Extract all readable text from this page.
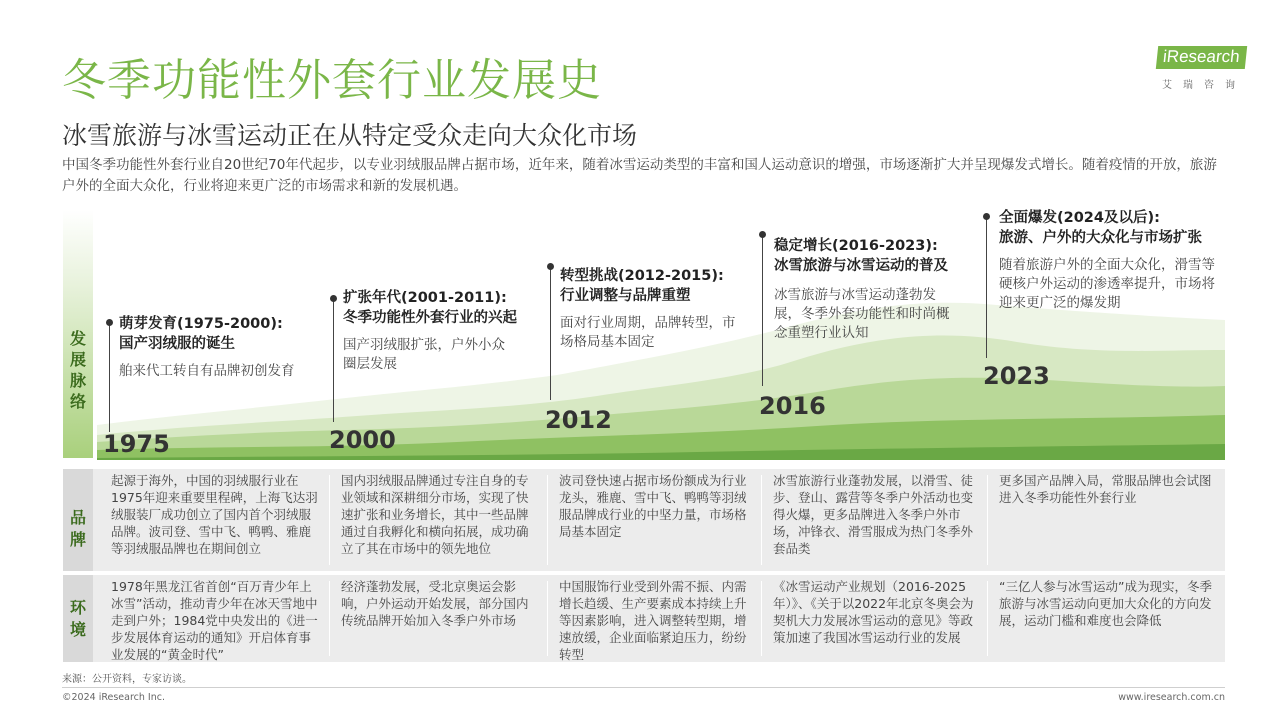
冬季功能性外套行业发展史	iResearch
艾瑞咨询
冰雪旅游与冰雪运动正在从特定受众走向大众化市场
中国冬季功能性外套行业自20世纪70年代起步，以专业羽绒服品牌占据市场，近年来，随着冰雪运动类型的丰富和国人运动意识的增强，市场逐渐扩大并呈现爆发式增长。随着疫情的开放，旅游户外的全面大众化，行业将迎来更广泛的市场需求和新的发展机遇。
发展脉络
萌芽发育(1975-2000):
国产羽绒服的诞生
舶来代工转自有品牌初创发育
1975
扩张年代(2001-2011):
冬季功能性外套行业的兴起
国产羽绒服扩张，户外小众圈层发展
2000
转型挑战(2012-2015):
行业调整与品牌重塑
面对行业周期，品牌转型，市场格局基本固定
2012
稳定增长(2016-2023):
冰雪旅游与冰雪运动的普及
冰雪旅游与冰雪运动蓬勃发展，冬季外套功能性和时尚概念重塑行业认知
2016
全面爆发(2024及以后):
旅游、户外的大众化与市场扩张
随着旅游户外的全面大众化，滑雪等硬核户外运动的渗透率提升，市场将迎来更广泛的爆发期
2023
品牌
起源于海外，中国的羽绒服行业在1975年迎来重要里程碑，上海飞达羽绒服装厂成功创立了国内首个羽绒服品牌。波司登、雪中飞、鸭鸭、雅鹿等羽绒服品牌也在期间创立
国内羽绒服品牌通过专注自身的专业领域和深耕细分市场，实现了快速扩张和业务增长，其中一些品牌通过自我孵化和横向拓展，成功确立了其在市场中的领先地位
波司登快速占据市场份额成为行业龙头，雅鹿、雪中飞、鸭鸭等羽绒服品牌成行业的中坚力量，市场格局基本固定
冰雪旅游行业蓬勃发展，以滑雪、徒步、登山、露营等冬季户外活动也变得火爆，更多品牌进入冬季户外市场，冲锋衣、滑雪服成为热门冬季外套品类
更多国产品牌入局，常服品牌也会试图进入冬季功能性外套行业
环境
1978年黑龙江省首创“百万青少年上冰雪”活动，推动青少年在冰天雪地中走到户外；1984党中央发出的《进一步发展体育运动的通知》开启体育事业发展的“黄金时代”
经济蓬勃发展，受北京奥运会影响，户外运动开始发展，部分国内传统品牌开始加入冬季户外市场
中国服饰行业受到外需不振、内需增长趋缓、生产要素成本持续上升等因素影响，进入调整转型期，增速放缓，企业面临紧迫压力，纷纷转型
《冰雪运动产业规划（2016-2025年）》、《关于以2022年北京冬奥会为契机大力发展冰雪运动的意见》等政策加速了我国冰雪运动行业的发展
“三亿人参与冰雪运动”成为现实，冬季旅游与冰雪运动向更加大众化的方向发展，运动门槛和难度也会降低
来源：公开资料，专家访谈。
©2024 iResearch Inc.	www.iresearch.com.cn
